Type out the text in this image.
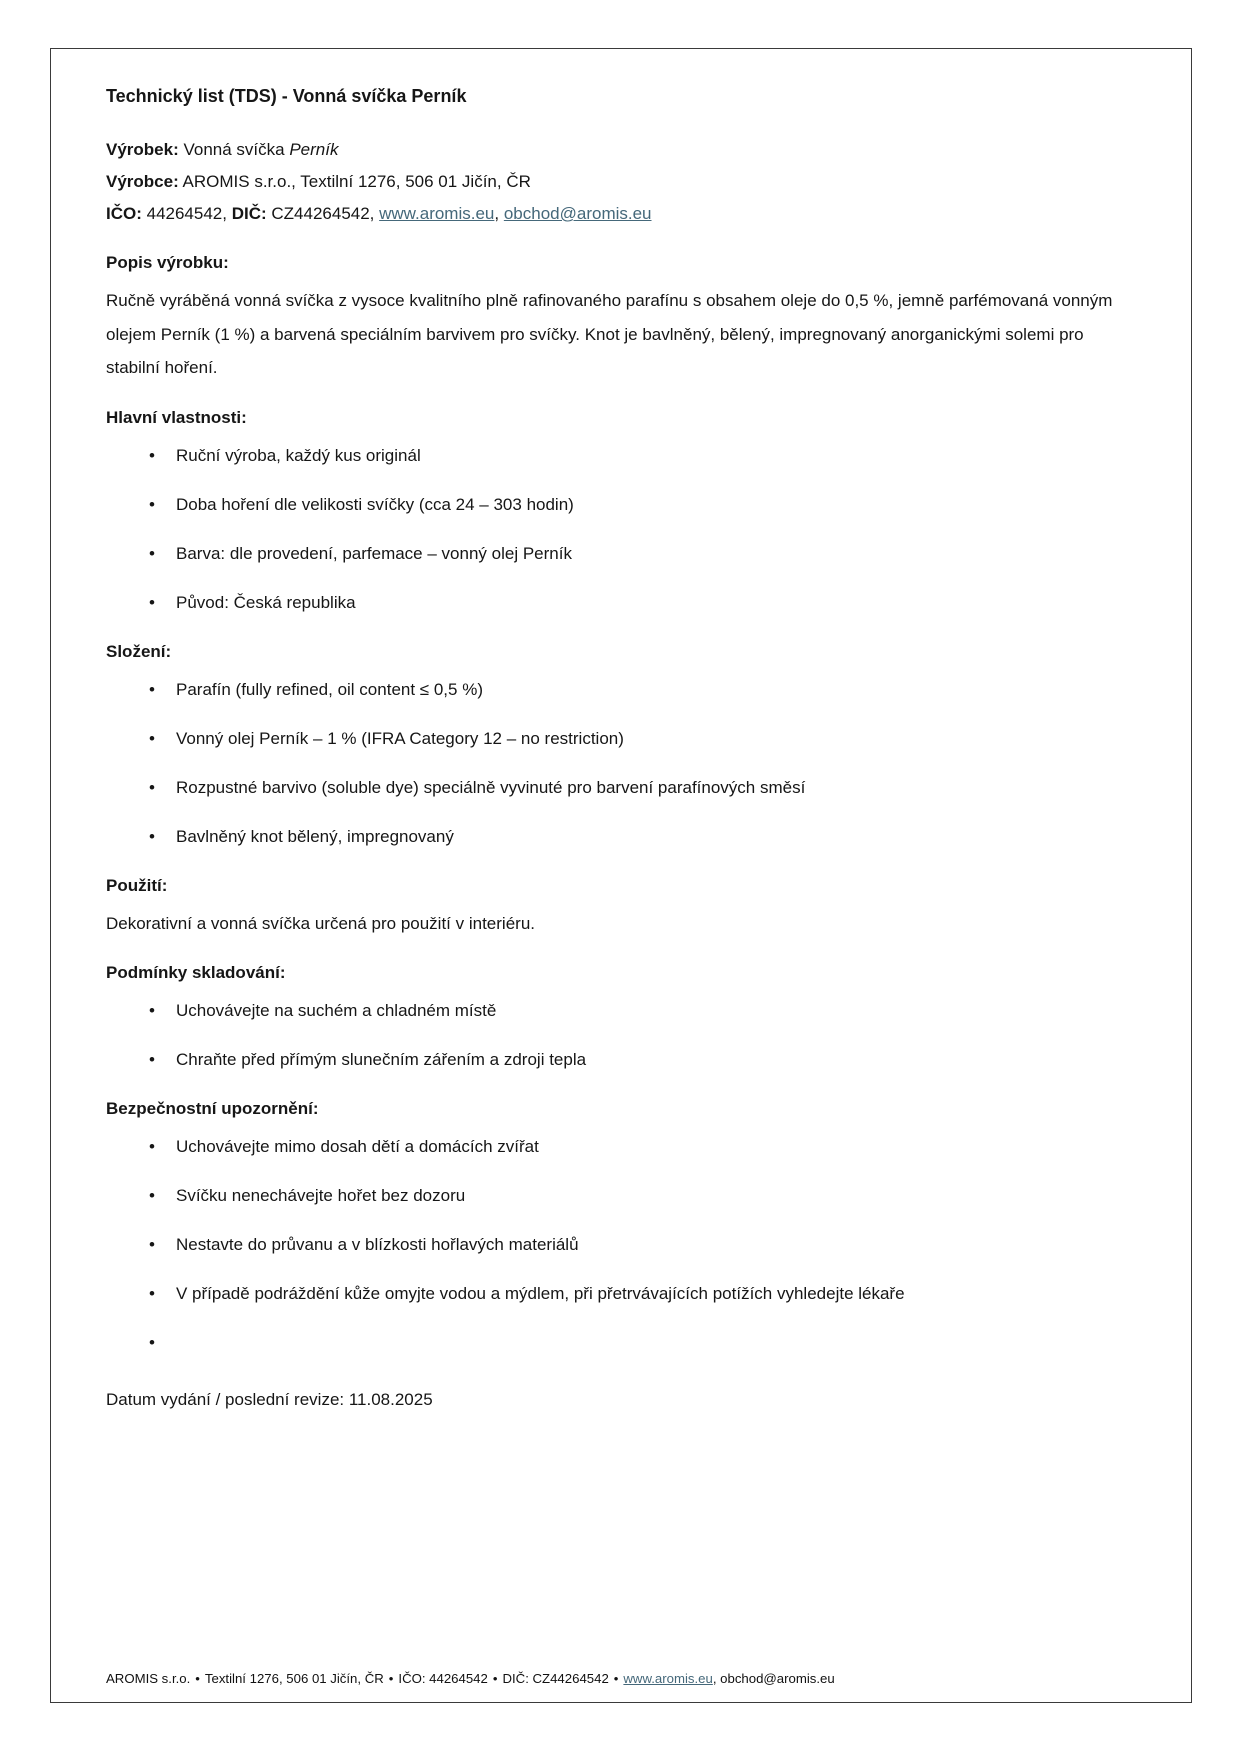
Technický list (TDS) - Vonná svíčka Perník

Výrobek: Vonná svíčka Perník

Výrobce: AROMIS s.r.o., Textilní 1276, 506 01 Jičín, ČR

IČO: 44264542, DIČ: CZ44264542, www.aromis.eu, obchod@aromis.eu

Popis výrobku:

Ručně vyráběná vonná svíčka z vysoce kvalitního plně rafinovaného parafínu s obsahem oleje do 0,5 %, jemně parfémovaná vonným olejem Perník (1 %) a barvená speciálním barvivem pro svíčky. Knot je bavlněný, bělený, impregnovaný anorganickými solemi pro stabilní hoření.

Hlavní vlastnosti:
• Ruční výroba, každý kus originál
• Doba hoření dle velikosti svíčky (cca 24 – 303 hodin)
• Barva: dle provedení, parfemace – vonný olej Perník
• Původ: Česká republika
Složení:
• Parafín (fully refined, oil content ≤ 0,5 %)
• Vonný olej Perník – 1 % (IFRA Category 12 – no restriction)
• Rozpustné barvivo (soluble dye) speciálně vyvinuté pro barvení parafínových směsí
• Bavlněný knot bělený, impregnovaný
Použití:

Dekorativní a vonná svíčka určená pro použití v interiéru.

Podmínky skladování:
• Uchovávejte na suchém a chladném místě
• Chraňte před přímým slunečním zářením a zdroji tepla
Bezpečnostní upozornění:
• Uchovávejte mimo dosah dětí a domácích zvířat
• Svíčku nenechávejte hořet bez dozoru
• Nestavte do průvanu a v blízkosti hořlavých materiálů
• V případě podráždění kůže omyjte vodou a mýdlem, při přetrvávajících potížích vyhledejte lékaře
•

Datum vydání / poslední revize: 11.08.2025

AROMIS s.r.o. • Textilní 1276, 506 01 Jičín, ČR • IČO: 44264542 • DIČ: CZ44264542 • www.aromis.eu, obchod@aromis.eu
